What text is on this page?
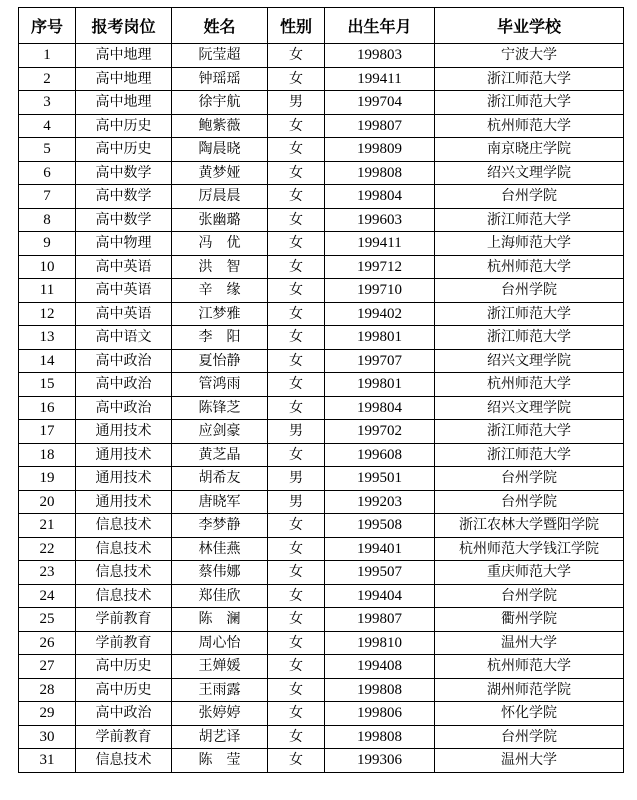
序号	报考岗位	姓名	性别	出生年月	毕业学校
1	高中地理	阮莹超	女	199803	宁波大学
2	高中地理	钟瑶瑶	女	199411	浙江师范大学
3	高中地理	徐宇航	男	199704	浙江师范大学
4	高中历史	鲍紫薇	女	199807	杭州师范大学
5	高中历史	陶晨晓	女	199809	南京晓庄学院
6	高中数学	黄梦娅	女	199808	绍兴文理学院
7	高中数学	厉晨晨	女	199804	台州学院
8	高中数学	张幽璐	女	199603	浙江师范大学
9	高中物理	冯　优	女	199411	上海师范大学
10	高中英语	洪　智	女	199712	杭州师范大学
11	高中英语	辛　缘	女	199710	台州学院
12	高中英语	江梦雅	女	199402	浙江师范大学
13	高中语文	李　阳	女	199801	浙江师范大学
14	高中政治	夏怡静	女	199707	绍兴文理学院
15	高中政治	管鸿雨	女	199801	杭州师范大学
16	高中政治	陈锋芝	女	199804	绍兴文理学院
17	通用技术	应剑豪	男	199702	浙江师范大学
18	通用技术	黄芝晶	女	199608	浙江师范大学
19	通用技术	胡希友	男	199501	台州学院
20	通用技术	唐晓军	男	199203	台州学院
21	信息技术	李梦静	女	199508	浙江农林大学暨阳学院
22	信息技术	林佳燕	女	199401	杭州师范大学钱江学院
23	信息技术	蔡伟娜	女	199507	重庆师范大学
24	信息技术	郑佳欣	女	199404	台州学院
25	学前教育	陈　澜	女	199807	衢州学院
26	学前教育	周心怡	女	199810	温州大学
27	高中历史	王婵媛	女	199408	杭州师范大学
28	高中历史	王雨露	女	199808	湖州师范学院
29	高中政治	张婷婷	女	199806	怀化学院
30	学前教育	胡艺译	女	199808	台州学院
31	信息技术	陈　莹	女	199306	温州大学
